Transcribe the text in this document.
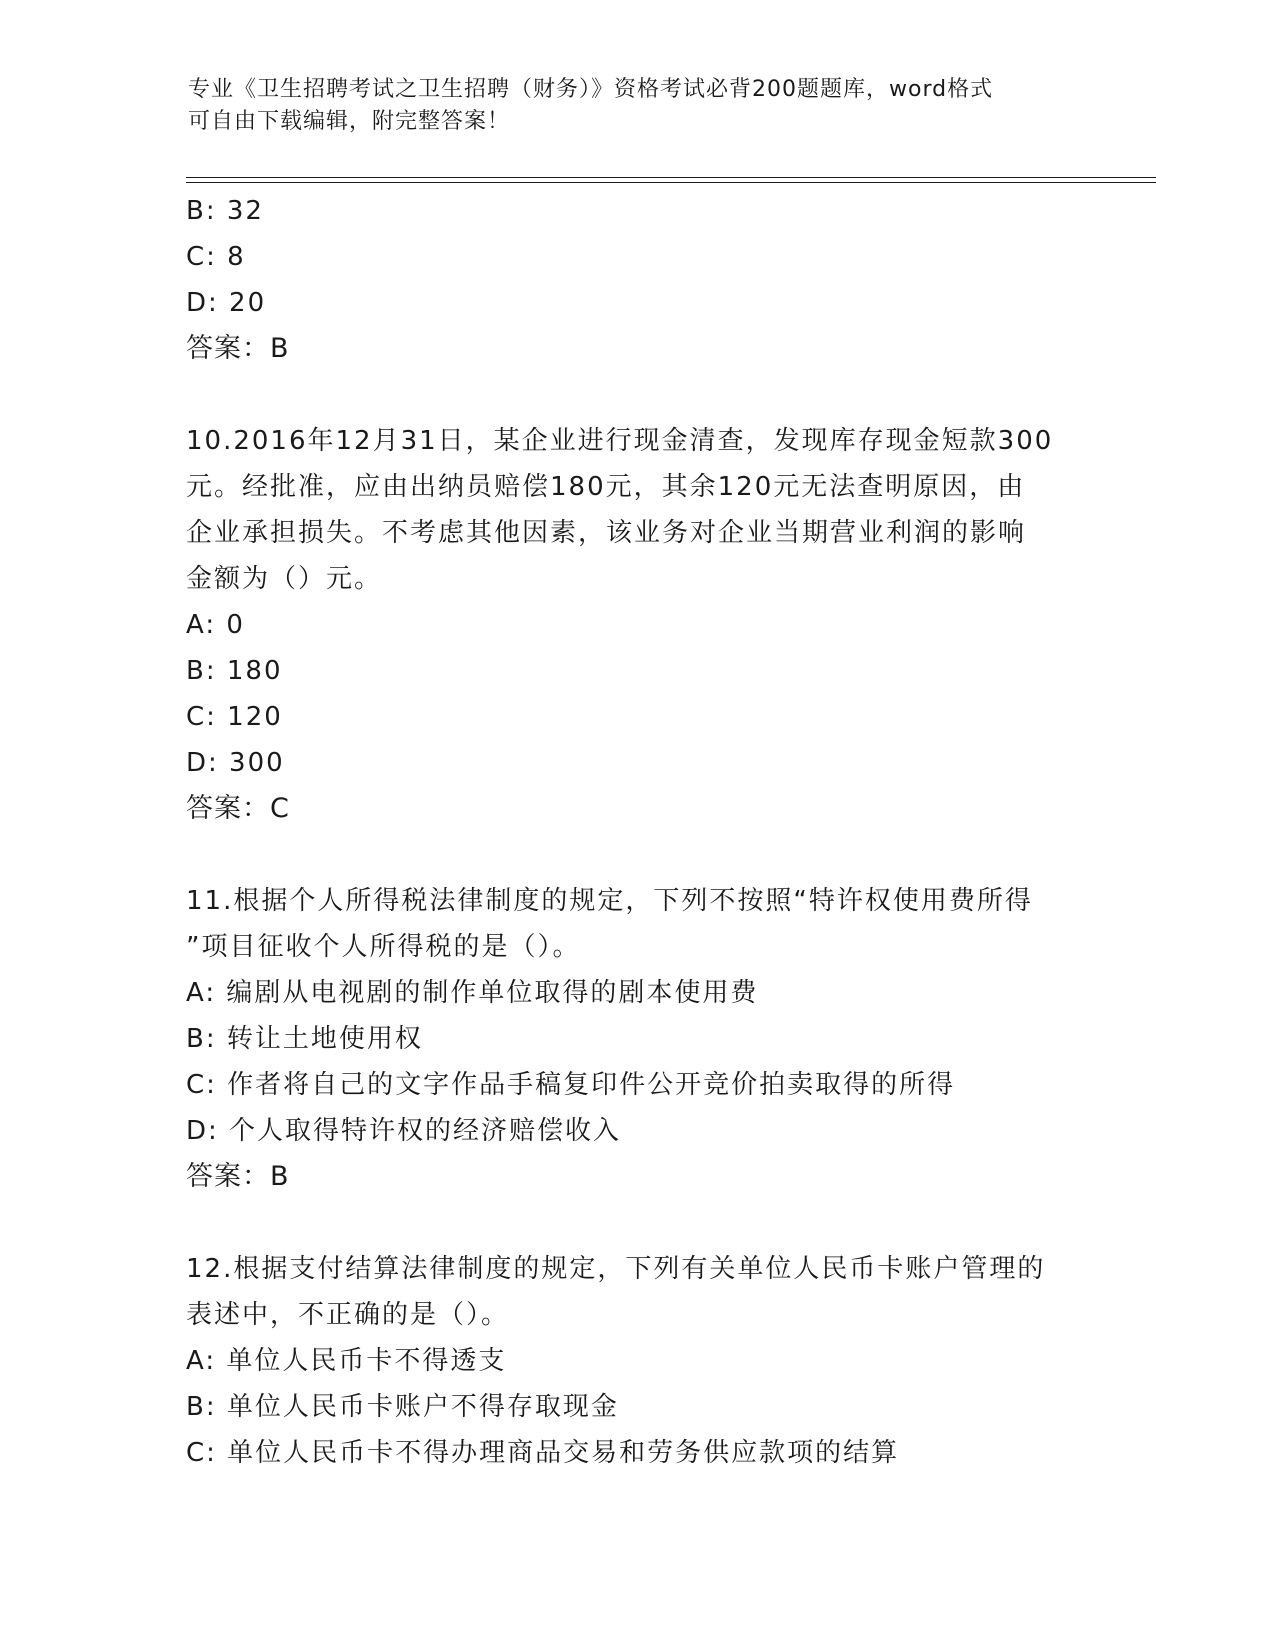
专业《卫生招聘考试之卫生招聘（财务）》资格考试必背200题题库，word格式
可自由下载编辑，附完整答案！
B: 32
C: 8
D: 20
答案：B
10.2016年12月31日，某企业进行现金清查，发现库存现金短款300
元。经批准，应由出纳员赔偿180元，其余120元无法查明原因，由
企业承担损失。不考虑其他因素，该业务对企业当期营业利润的影响
金额为（）元。
A: 0
B: 180
C: 120
D: 300
答案：C
11.根据个人所得税法律制度的规定，下列不按照“特许权使用费所得
”项目征收个人所得税的是（）。
A: 编剧从电视剧的制作单位取得的剧本使用费
B: 转让土地使用权
C: 作者将自己的文字作品手稿复印件公开竞价拍卖取得的所得
D: 个人取得特许权的经济赔偿收入
答案：B
12.根据支付结算法律制度的规定，下列有关单位人民币卡账户管理的
表述中，不正确的是（）。
A: 单位人民币卡不得透支
B: 单位人民币卡账户不得存取现金
C: 单位人民币卡不得办理商品交易和劳务供应款项的结算
